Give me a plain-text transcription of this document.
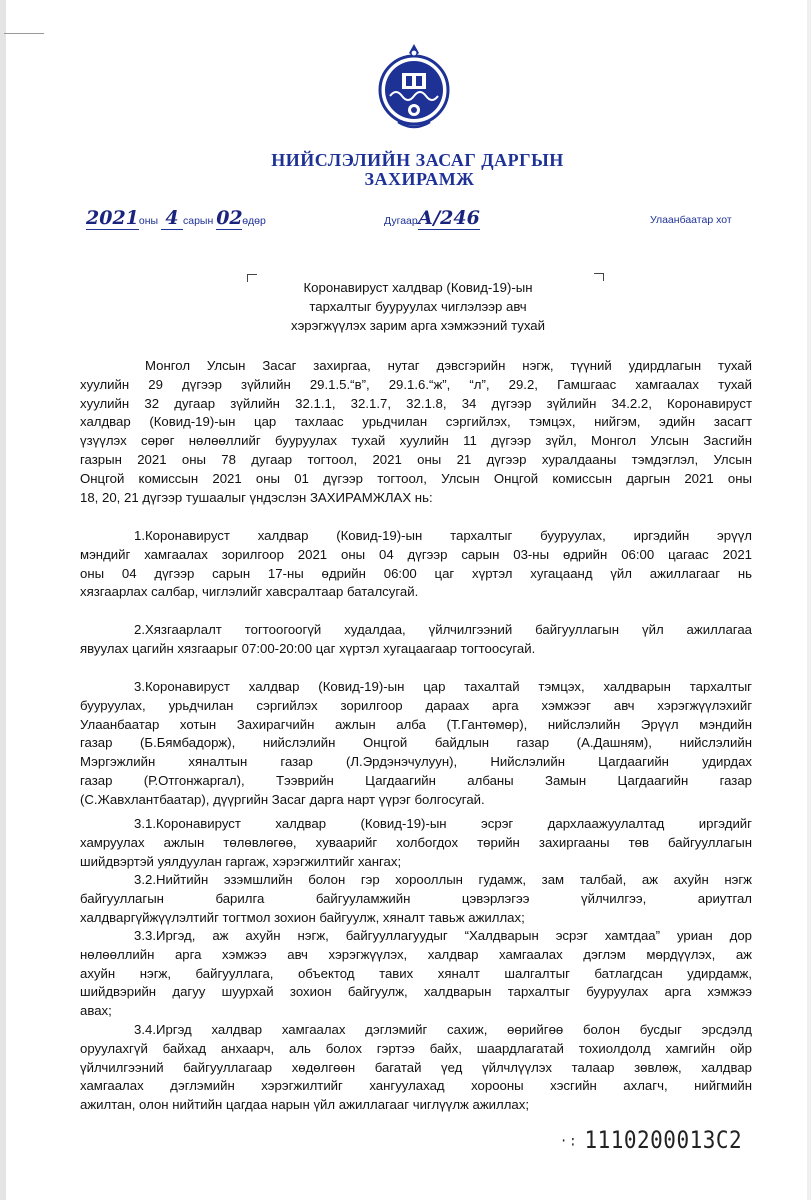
НИЙСЛЭЛИЙН ЗАСАГ ДАРГЫН
ЗАХИРАМЖ
2021оны 4 сарын 02өдөр	ДугаарА/246	Улаанбаатар хот
Коронавируст халдвар (Ковид-19)-ын
тархалтыг бууруулах чиглэлээр авч
хэрэгжүүлэх зарим арга хэмжээний тухай
Монгол Улсын Засаг захиргаа, нутаг дэвсгэрийн нэгж, түүний удирдлагын тухай
хуулийн 29 дүгээр зүйлийн 29.1.5.“в”, 29.1.6.“ж”, “л”, 29.2, Гамшгаас хамгаалах тухай
хуулийн 32 дугаар зүйлийн 32.1.1, 32.1.7, 32.1.8, 34 дүгээр зүйлийн 34.2.2, Коронавируст
халдвар (Ковид-19)-ын цар тахлаас урьдчилан сэргийлэх, тэмцэх, нийгэм, эдийн засагт
үзүүлэх сөрөг нөлөөллийг бууруулах тухай хуулийн 11 дүгээр зүйл, Монгол Улсын Засгийн
газрын 2021 оны 78 дугаар тогтоол, 2021 оны 21 дүгээр хуралдааны тэмдэглэл, Улсын
Онцгой комиссын 2021 оны 01 дүгээр тогтоол, Улсын Онцгой комиссын даргын 2021 оны
18, 20, 21 дүгээр тушаалыг үндэслэн ЗАХИРАМЖЛАХ нь:
1.Коронавируст халдвар (Ковид-19)-ын тархалтыг бууруулах, иргэдийн эрүүл
мэндийг хамгаалах зорилгоор 2021 оны 04 дүгээр сарын 03-ны өдрийн 06:00 цагаас 2021
оны 04 дүгээр сарын 17-ны өдрийн 06:00 цаг хүртэл хугацаанд үйл ажиллагааг нь
хязгаарлах салбар, чиглэлийг хавсралтаар баталсугай.
2.Хязгаарлалт тогтоогоогүй худалдаа, үйлчилгээний байгууллагын үйл ажиллагаа
явуулах цагийн хязгаарыг 07:00-20:00 цаг хүртэл хугацаагаар тогтоосугай.
3.Коронавируст халдвар (Ковид-19)-ын цар тахалтай тэмцэх, халдварын тархалтыг
бууруулах, урьдчилан сэргийлэх зорилгоор дараах арга хэмжээг авч хэрэгжүүлэхийг
Улаанбаатар хотын Захирагчийн ажлын алба (Т.Гантөмөр), нийслэлийн Эрүүл мэндийн
газар (Б.Бямбадорж), нийслэлийн Онцгой байдлын газар (А.Дашням), нийслэлийн
Мэргэжлийн хяналтын газар (Л.Эрдэнэчулуун), Нийслэлийн Цагдаагийн удирдах
газар (Р.Отгонжаргал), Тээврийн Цагдаагийн албаны Замын Цагдаагийн газар
(С.Жавхлантбаатар), дүүргийн Засаг дарга нарт үүрэг болгосугай.
3.1.Коронавируст халдвар (Ковид-19)-ын эсрэг дархлаажуулалтад иргэдийг
хамруулах ажлын төлөвлөгөө, хуваарийг холбогдох төрийн захиргааны төв байгууллагын
шийдвэртэй уялдуулан гаргаж, хэрэгжилтийг хангах;
3.2.Нийтийн эзэмшлийн болон гэр хорооллын гудамж, зам талбай, аж ахуйн нэгж
байгууллагын барилга байгууламжийн цэвэрлэгээ үйлчилгээ, ариутгал
халдваргүйжүүлэлтийг тогтмол зохион байгуулж, хяналт тавьж ажиллах;
3.3.Иргэд, аж ахуйн нэгж, байгууллагуудыг “Халдварын эсрэг хамтдаа” уриан дор
нөлөөллийн арга хэмжээ авч хэрэгжүүлэх, халдвар хамгаалах дэглэм мөрдүүлэх, аж
ахуйн нэгж, байгууллага, объектод тавих хяналт шалгалтыг батлагдсан удирдамж,
шийдвэрийн дагуу шуурхай зохион байгуулж, халдварын тархалтыг бууруулах арга хэмжээ
авах;
3.4.Иргэд халдвар хамгаалах дэглэмийг сахиж, өөрийгөө болон бусдыг эрсдэлд
оруулахгүй байхад анхаарч, аль болох гэртээ байх, шаардлагатай тохиолдолд хамгийн ойр
үйлчилгээний байгууллагаар хөдөлгөөн багатай үед үйлчлүүлэх талаар зөвлөж, халдвар
хамгаалах дэглэмийн хэрэгжилтийг хангуулахад хорооны хэсгийн ахлагч, нийгмийн
ажилтан, олон нийтийн цагдаа нарын үйл ажиллагааг чиглүүлж ажиллах;
·: 1110200013C2
